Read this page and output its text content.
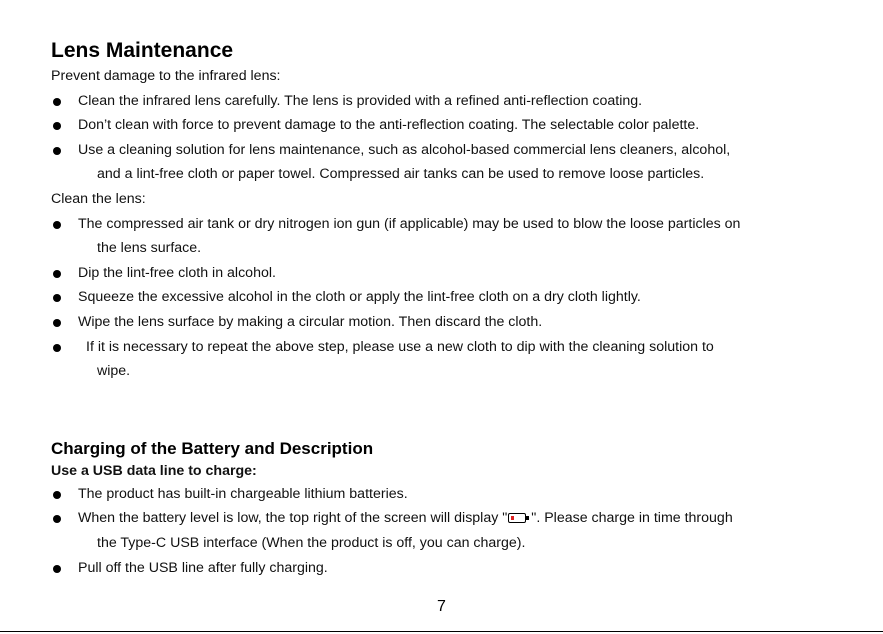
Lens Maintenance
Prevent damage to the infrared lens:
Clean the infrared lens carefully. The lens is provided with a refined anti-reflection coating.
Don’t clean with force to prevent damage to the anti-reflection coating. The selectable color palette.
Use a cleaning solution for lens maintenance, such as alcohol-based commercial lens cleaners, alcohol,
and a lint-free cloth or paper towel. Compressed air tanks can be used to remove loose particles.
Clean the lens:
The compressed air tank or dry nitrogen ion gun (if applicable) may be used to blow the loose particles on
the lens surface.
Dip the lint-free cloth in alcohol.
Squeeze the excessive alcohol in the cloth or apply the lint-free cloth on a dry cloth lightly.
Wipe the lens surface by making a circular motion. Then discard the cloth.
If it is necessary to repeat the above step, please use a new cloth to dip with the cleaning solution to
wipe.
Charging of the Battery and Description
Use a USB data line to charge:
The product has built-in chargeable lithium batteries.
When the battery level is low, the top right of the screen will display " ". Please charge in time through
the Type-C USB interface (When the product is off, you can charge).
Pull off the USB line after fully charging.
7
